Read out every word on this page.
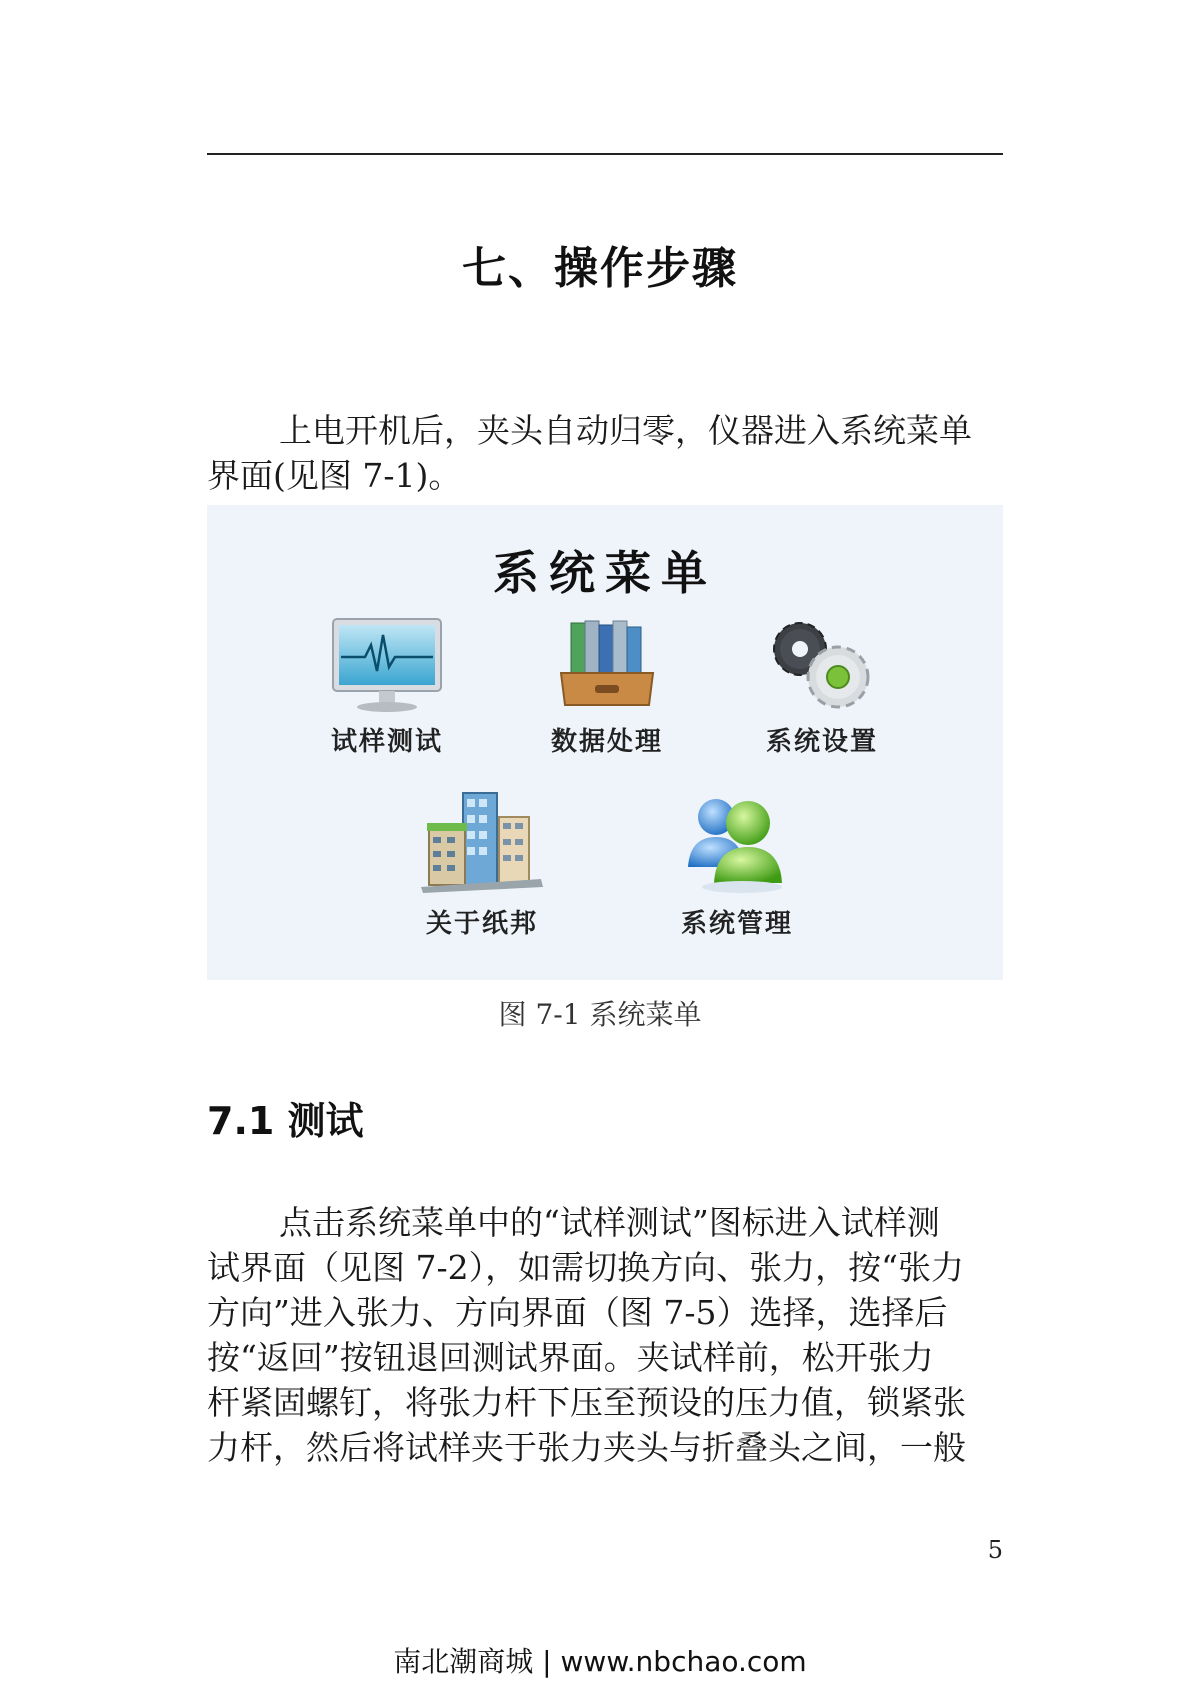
七、操作步骤
上电开机后，夹头自动归零，仪器进入系统菜单
界面(见图 7-1)。
系统菜单
试样测试	数据处理	系统设置
关于纸邦	系统管理
图 7-1 系统菜单
7.1 测试
点击系统菜单中的“试样测试”图标进入试样测
试界面（见图 7-2），如需切换方向、张力，按“张力
方向”进入张力、方向界面（图 7-5）选择，选择后
按“返回”按钮退回测试界面。夹试样前，松开张力
杆紧固螺钉，将张力杆下压至预设的压力值，锁紧张
力杆，然后将试样夹于张力夹头与折叠头之间，一般
5
南北潮商城 | www.nbchao.com
